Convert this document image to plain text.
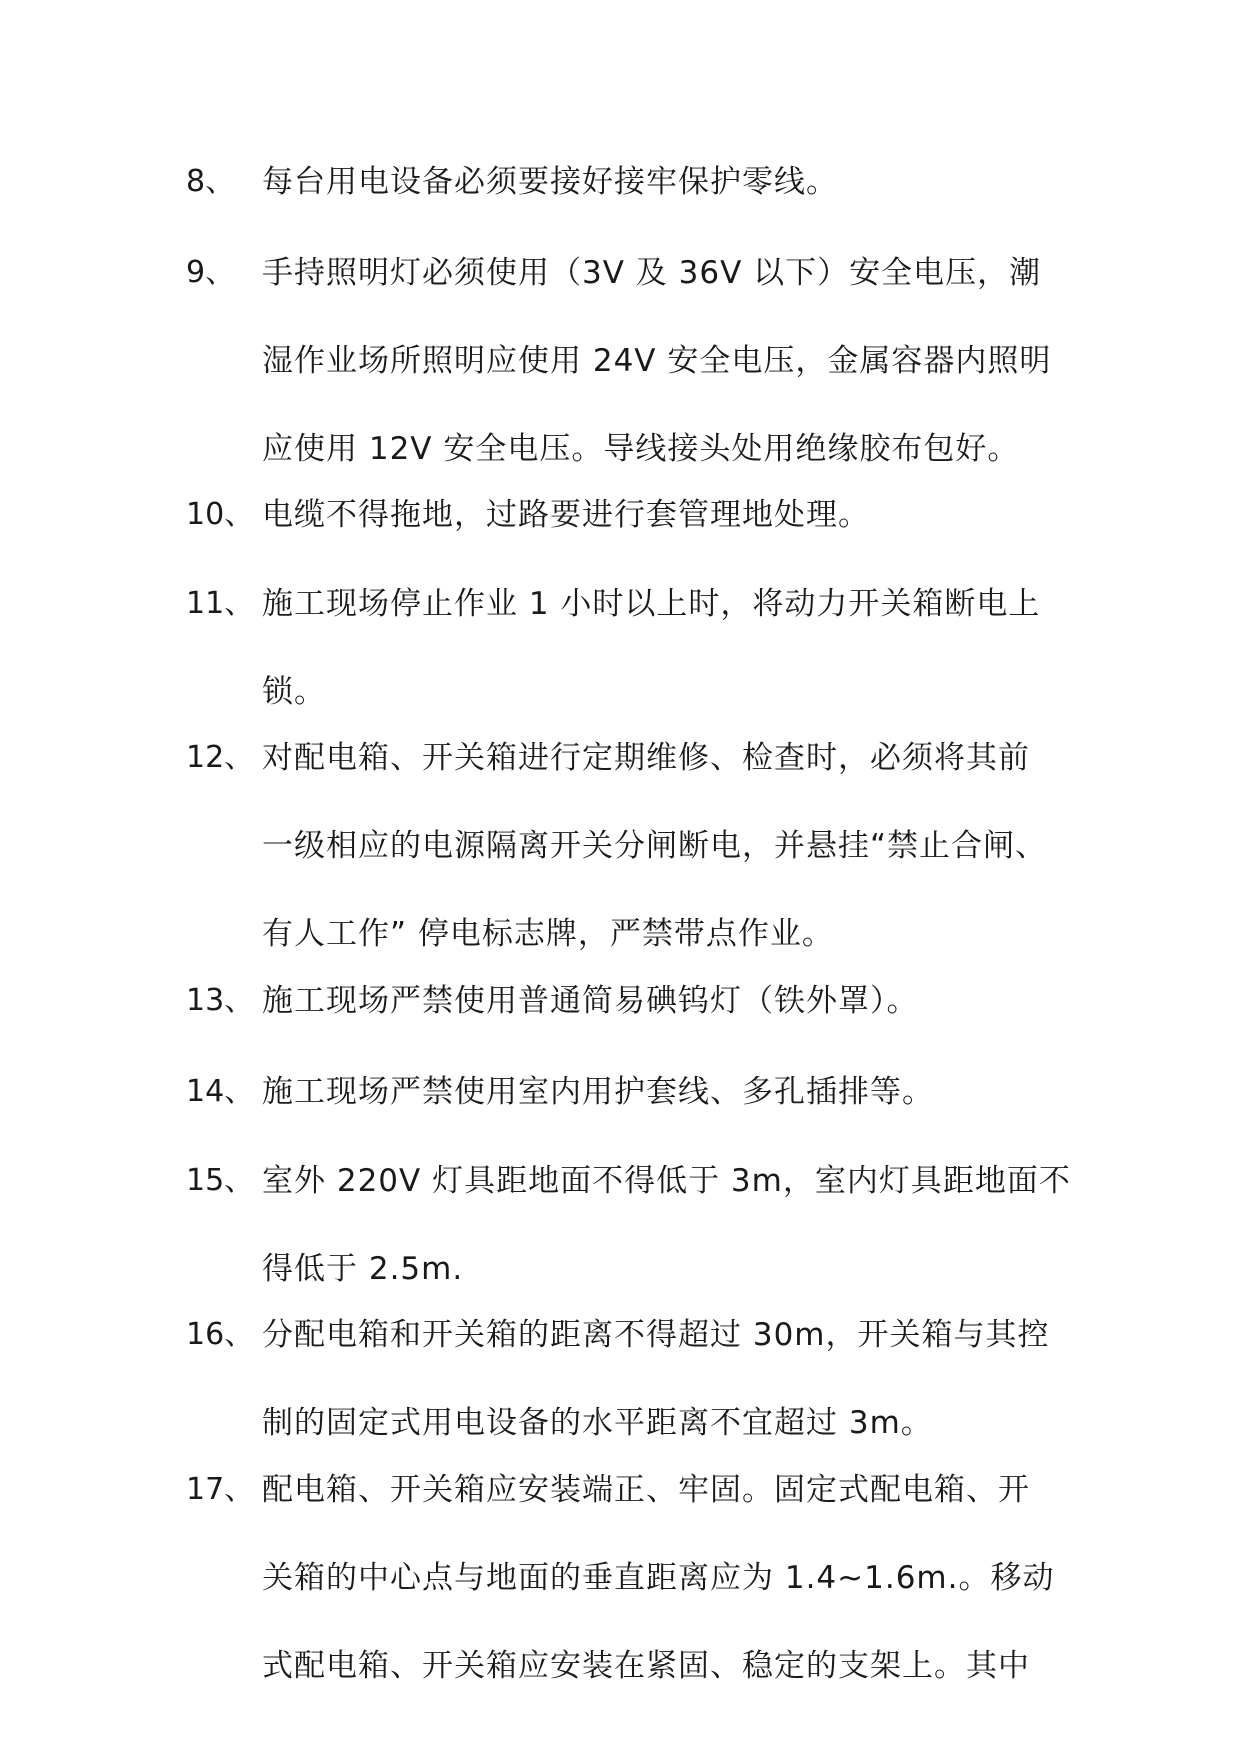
8、 每台用电设备必须要接好接牢保护零线。
9、 手持照明灯必须使用（3V 及 36V 以下）安全电压，潮
湿作业场所照明应使用 24V 安全电压，金属容器内照明
应使用 12V 安全电压。导线接头处用绝缘胶布包好。
10、 电缆不得拖地，过路要进行套管理地处理。
11、 施工现场停止作业 1 小时以上时，将动力开关箱断电上
锁。
12、 对配电箱、开关箱进行定期维修、检查时，必须将其前
一级相应的电源隔离开关分闸断电，并悬挂“禁止合闸、
有人工作” 停电标志牌，严禁带点作业。
13、 施工现场严禁使用普通简易碘钨灯（铁外罩）。
14、 施工现场严禁使用室内用护套线、多孔插排等。
15、 室外 220V 灯具距地面不得低于 3m，室内灯具距地面不
得低于 2.5m.
16、 分配电箱和开关箱的距离不得超过 30m，开关箱与其控
制的固定式用电设备的水平距离不宜超过 3m。
17、 配电箱、开关箱应安装端正、牢固。固定式配电箱、开
关箱的中心点与地面的垂直距离应为 1.4~1.6m.。移动
式配电箱、开关箱应安装在紧固、稳定的支架上。其中
